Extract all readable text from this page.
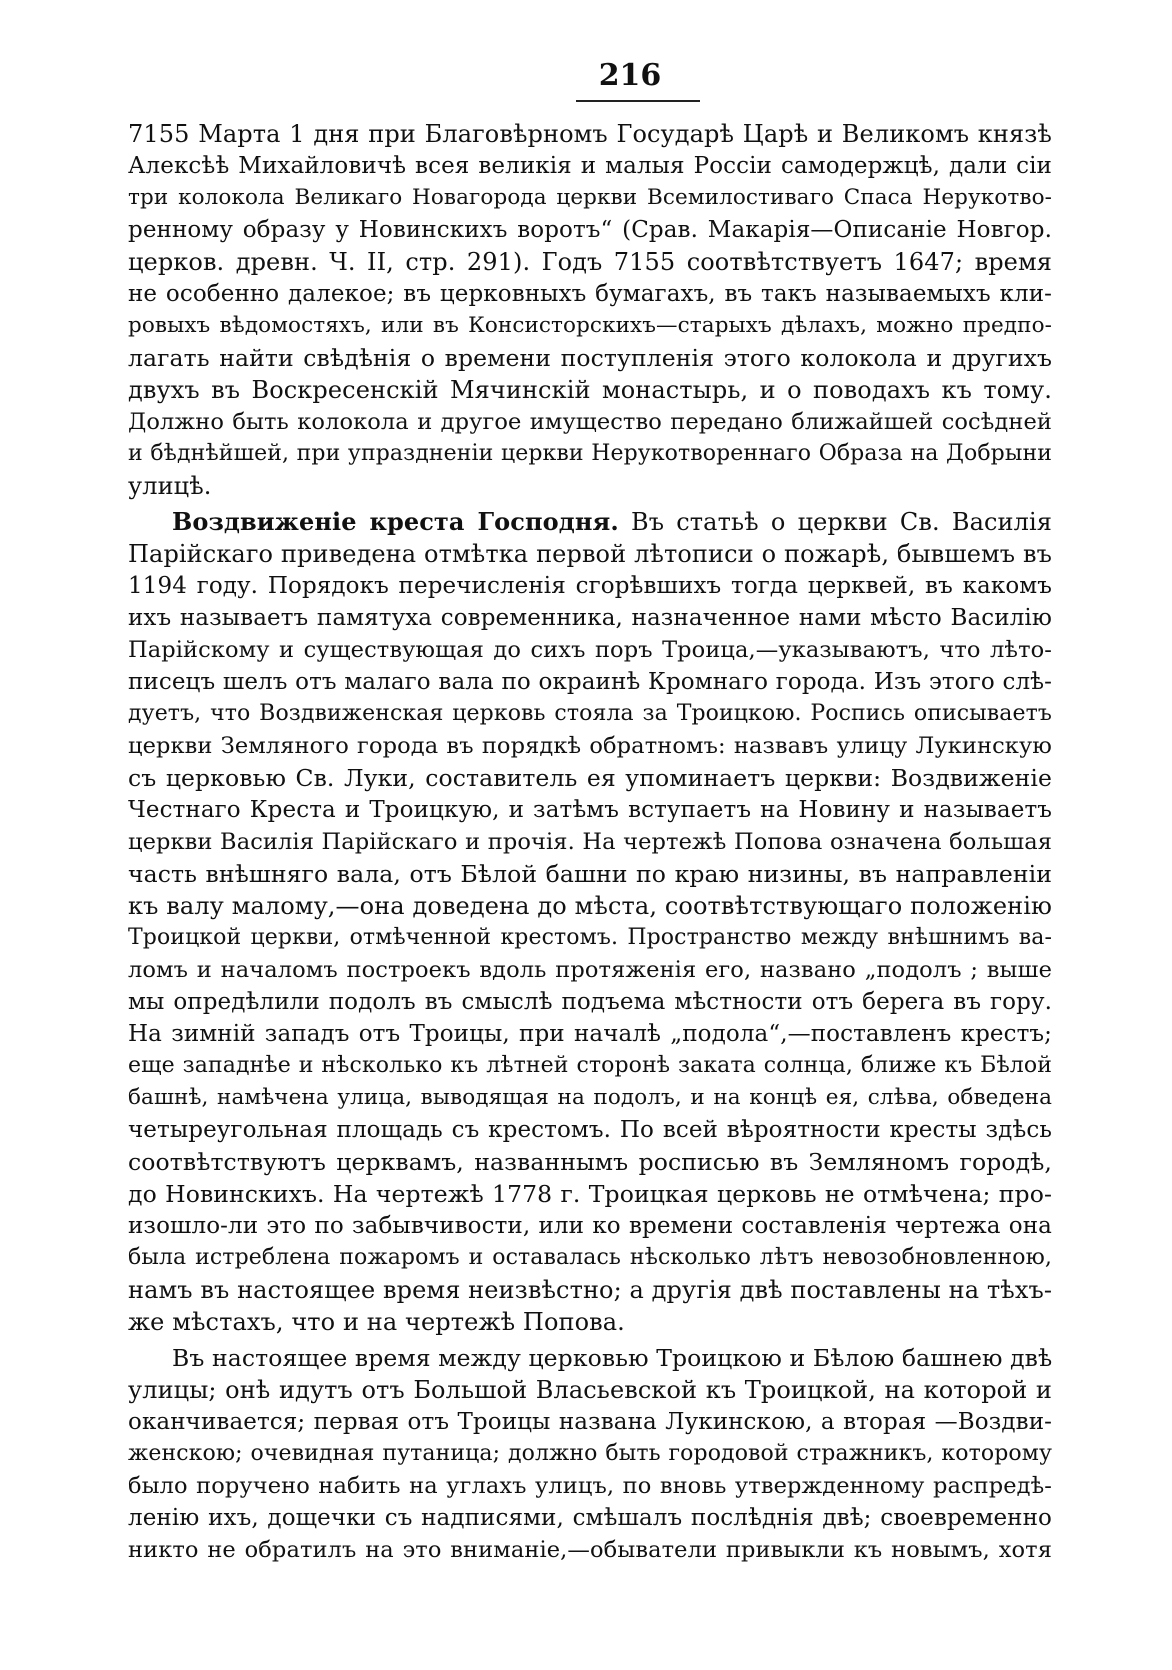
216
7155 Марта 1 дня при Благовѣрномъ Государѣ Царѣ и Великомъ князѣ
Алексѣѣ Михайловичѣ всея великія и малыя Россіи самодержцѣ, дали сіи
три колокола Великаго Новагорода церкви Всемилостиваго Спаса Нерукотво-
ренному образу у Новинскихъ воротъ“ (Срав. Макарія—Описаніе Новгор.
церков. древн. Ч. II, стр. 291). Годъ 7155 соотвѣтствуетъ 1647; время
не особенно далекое; въ церковныхъ бумагахъ, въ такъ называемыхъ кли-
ровыхъ вѣдомостяхъ, или въ Консисторскихъ—старыхъ дѣлахъ, можно предпо-
лагать найти свѣдѣнія о времени поступленія этого колокола и другихъ
двухъ въ Воскресенскій Мячинскій монастырь, и о поводахъ къ тому.
Должно быть колокола и другое имущество передано ближайшей сосѣдней
и бѣднѣйшей, при упраздненіи церкви Нерукотвореннаго Образа на Добрыни
улицѣ.
Воздвиженіе креста Господня. Въ статьѣ о церкви Св. Василія
Парійскаго приведена отмѣтка первой лѣтописи о пожарѣ, бывшемъ въ
1194 году. Порядокъ перечисленія сгорѣвшихъ тогда церквей, въ какомъ
ихъ называетъ памятуха современника, назначенное нами мѣсто Василію
Парійскому и существующая до сихъ поръ Троица,—указываютъ, что лѣто-
писецъ шелъ отъ малаго вала по окраинѣ Кромнаго города. Изъ этого слѣ-
дуетъ, что Воздвиженская церковь стояла за Троицкою. Роспись описываетъ
церкви Земляного города въ порядкѣ обратномъ: назвавъ улицу Лукинскую
съ церковью Св. Луки, составитель ея упоминаетъ церкви: Воздвиженіе
Честнаго Креста и Троицкую, и затѣмъ вступаетъ на Новину и называетъ
церкви Василія Парійскаго и прочія. На чертежѣ Попова означена большая
часть внѣшняго вала, отъ Бѣлой башни по краю низины, въ направленіи
къ валу малому,—она доведена до мѣста, соотвѣтствующаго положенію
Троицкой церкви, отмѣченной крестомъ. Пространство между внѣшнимъ ва-
ломъ и началомъ построекъ вдоль протяженія его, названо „подолъ ; выше
мы опредѣлили подолъ въ смыслѣ подъема мѣстности отъ берега въ гору.
На зимній западъ отъ Троицы, при началѣ „подола“,—поставленъ крестъ;
еще западнѣе и нѣсколько къ лѣтней сторонѣ заката солнца, ближе къ Бѣлой
башнѣ, намѣчена улица, выводящая на подолъ, и на концѣ ея, слѣва, обведена
четыреугольная площадь съ крестомъ. По всей вѣроятности кресты здѣсь
соотвѣтствуютъ церквамъ, названнымъ росписью въ Земляномъ городѣ,
до Новинскихъ. На чертежѣ 1778 г. Троицкая церковь не отмѣчена; про-
изошло-ли это по забывчивости, или ко времени составленія чертежа она
была истреблена пожаромъ и оставалась нѣсколько лѣтъ невозобновленною,
намъ въ настоящее время неизвѣстно; а другія двѣ поставлены на тѣхъ-
же мѣстахъ, что и на чертежѣ Попова.
Въ настоящее время между церковью Троицкою и Бѣлою башнею двѣ
улицы; онѣ идутъ отъ Большой Власьевской къ Троицкой, на которой и
оканчивается; первая отъ Троицы названа Лукинскою, а вторая —Воздви-
женскою; очевидная путаница; должно быть городовой стражникъ, которому
было поручено набить на углахъ улицъ, по вновь утвержденному распредѣ-
ленію ихъ, дощечки съ надписями, смѣшалъ послѣднія двѣ; своевременно
никто не обратилъ на это вниманіе,—обыватели привыкли къ новымъ, хотя
